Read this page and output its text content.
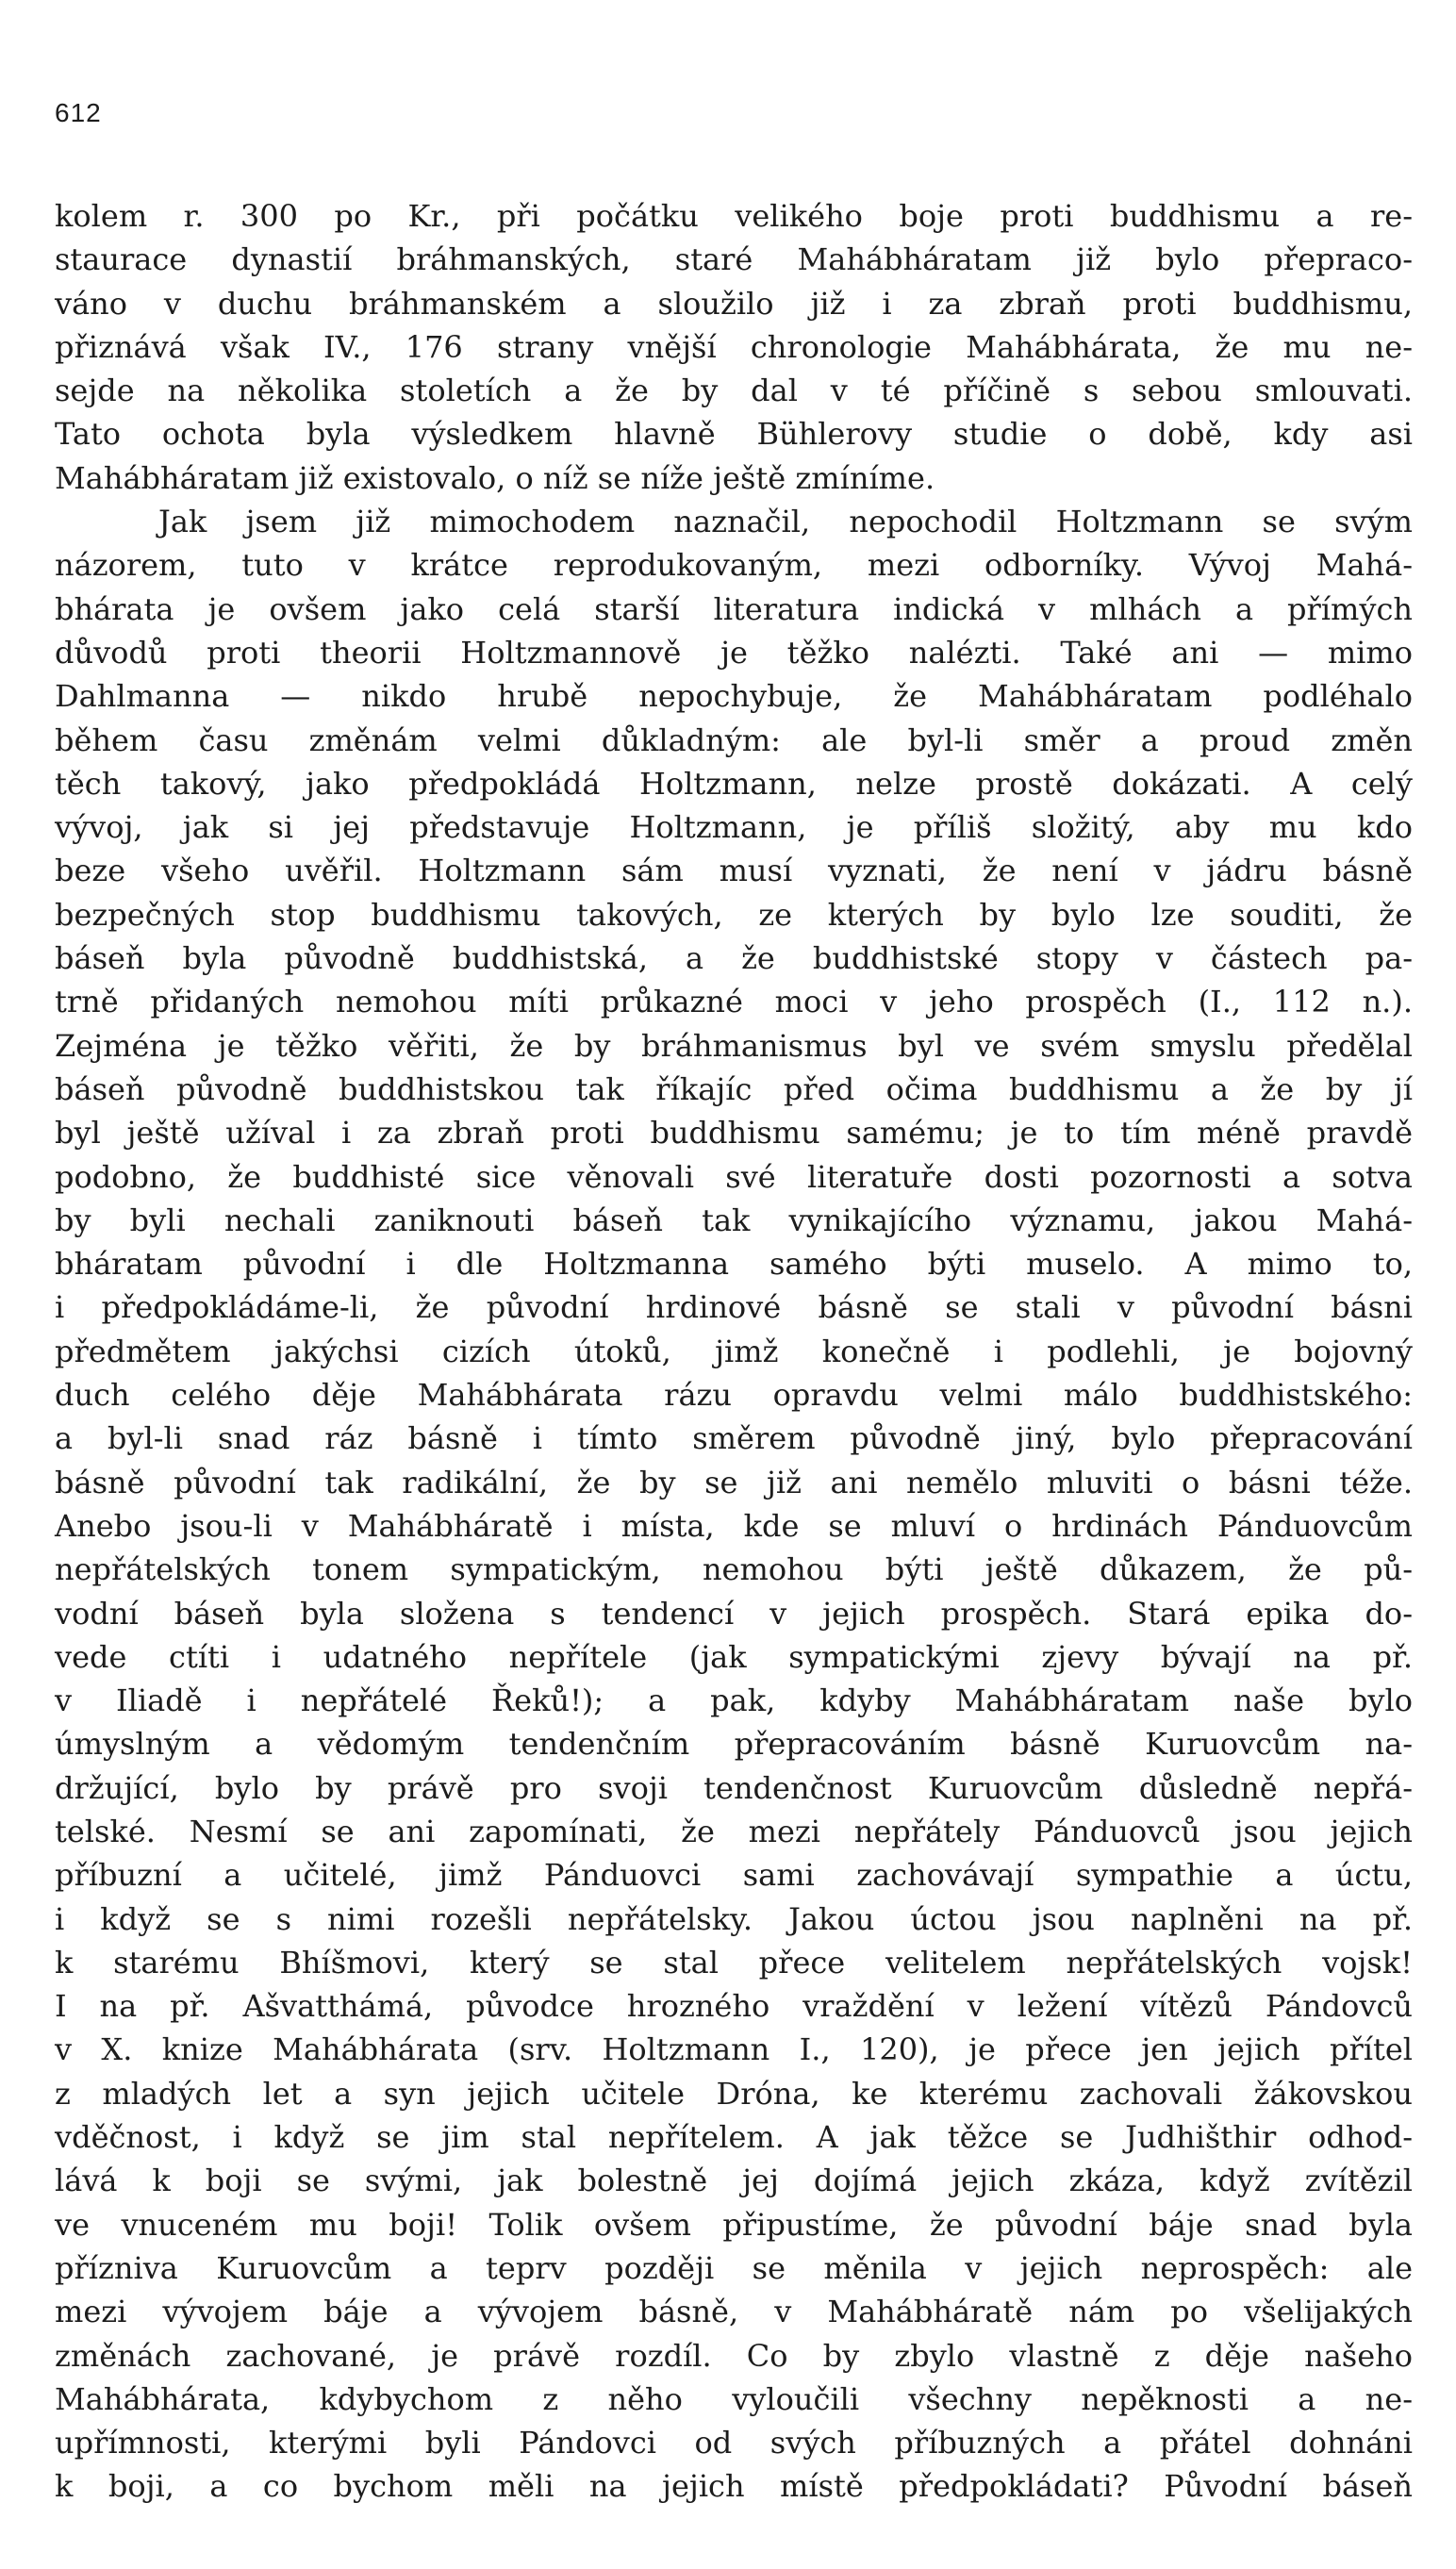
612
kolem r. 300 po Kr., při počátku velikého boje proti buddhismu a re-
staurace dynastií bráhmanských, staré Mahábháratam již bylo přepraco-
váno v duchu bráhmanském a sloužilo již i za zbraň proti buddhismu,
přiznává však IV., 176 strany vnější chronologie Mahábhárata, že mu ne-
sejde na několika stoletích a že by dal v té příčině s sebou smlouvati.
Tato ochota byla výsledkem hlavně Bühlerovy studie o době, kdy asi
Mahábháratam již existovalo, o níž se níže ještě zmíníme.
Jak jsem již mimochodem naznačil, nepochodil Holtzmann se svým
názorem, tuto v krátce reprodukovaným, mezi odborníky. Vývoj Mahá-
bhárata je ovšem jako celá starší literatura indická v mlhách a přímých
důvodů proti theorii Holtzmannově je těžko nalézti. Také ani — mimo
Dahlmanna — nikdo hrubě nepochybuje, že Mahábháratam podléhalo
během času změnám velmi důkladným: ale byl-li směr a proud změn
těch takový, jako předpokládá Holtzmann, nelze prostě dokázati. A celý
vývoj, jak si jej představuje Holtzmann, je příliš složitý, aby mu kdo
beze všeho uvěřil. Holtzmann sám musí vyznati, že není v jádru básně
bezpečných stop buddhismu takových, ze kterých by bylo lze souditi, že
báseň byla původně buddhistská, a že buddhistské stopy v částech pa-
trně přidaných nemohou míti průkazné moci v jeho prospěch (I., 112 n.).
Zejména je těžko věřiti, že by bráhmanismus byl ve svém smyslu předělal
báseň původně buddhistskou tak říkajíc před očima buddhismu a že by jí
byl ještě užíval i za zbraň proti buddhismu samému; je to tím méně pravdě
podobno, že buddhisté sice věnovali své literatuře dosti pozornosti a sotva
by byli nechali zaniknouti báseň tak vynikajícího významu, jakou Mahá-
bháratam původní i dle Holtzmanna samého býti muselo. A mimo to,
i předpokládáme-li, že původní hrdinové básně se stali v původní básni
předmětem jakýchsi cizích útoků, jimž konečně i podlehli, je bojovný
duch celého děje Mahábhárata rázu opravdu velmi málo buddhistského:
a byl-li snad ráz básně i tímto směrem původně jiný, bylo přepracování
básně původní tak radikální, že by se již ani nemělo mluviti o básni téže.
Anebo jsou-li v Mahábháratě i místa, kde se mluví o hrdinách Pánduovcům
nepřátelských tonem sympatickým, nemohou býti ještě důkazem, že pů-
vodní báseň byla složena s tendencí v jejich prospěch. Stará epika do-
vede ctíti i udatného nepřítele (jak sympatickými zjevy bývají na př.
v Iliadě i nepřátelé Řeků!); a pak, kdyby Mahábháratam naše bylo
úmyslným a vědomým tendenčním přepracováním básně Kuruovcům na-
držující, bylo by právě pro svoji tendenčnost Kuruovcům důsledně nepřá-
telské. Nesmí se ani zapomínati, že mezi nepřátely Pánduovců jsou jejich
příbuzní a učitelé, jimž Pánduovci sami zachovávají sympathie a úctu,
i když se s nimi rozešli nepřátelsky. Jakou úctou jsou naplněni na př.
k starému Bhíšmovi, který se stal přece velitelem nepřátelských vojsk!
I na př. Ašvatthámá, původce hrozného vraždění v ležení vítězů Pándovců
v X. knize Mahábhárata (srv. Holtzmann I., 120), je přece jen jejich přítel
z mladých let a syn jejich učitele Dróna, ke kterému zachovali žákovskou
vděčnost, i když se jim stal nepřítelem. A jak těžce se Judhišthir odhod-
lává k boji se svými, jak bolestně jej dojímá jejich zkáza, když zvítězil
ve vnuceném mu boji! Tolik ovšem připustíme, že původní báje snad byla
přízniva Kuruovcům a teprv později se měnila v jejich neprospěch: ale
mezi vývojem báje a vývojem básně, v Mahábháratě nám po všelijakých
změnách zachované, je právě rozdíl. Co by zbylo vlastně z děje našeho
Mahábhárata, kdybychom z něho vyloučili všechny nepěknosti a ne-
upřímnosti, kterými byli Pándovci od svých příbuzných a přátel dohnáni
k boji, a co bychom měli na jejich místě předpokládati? Původní báseň
